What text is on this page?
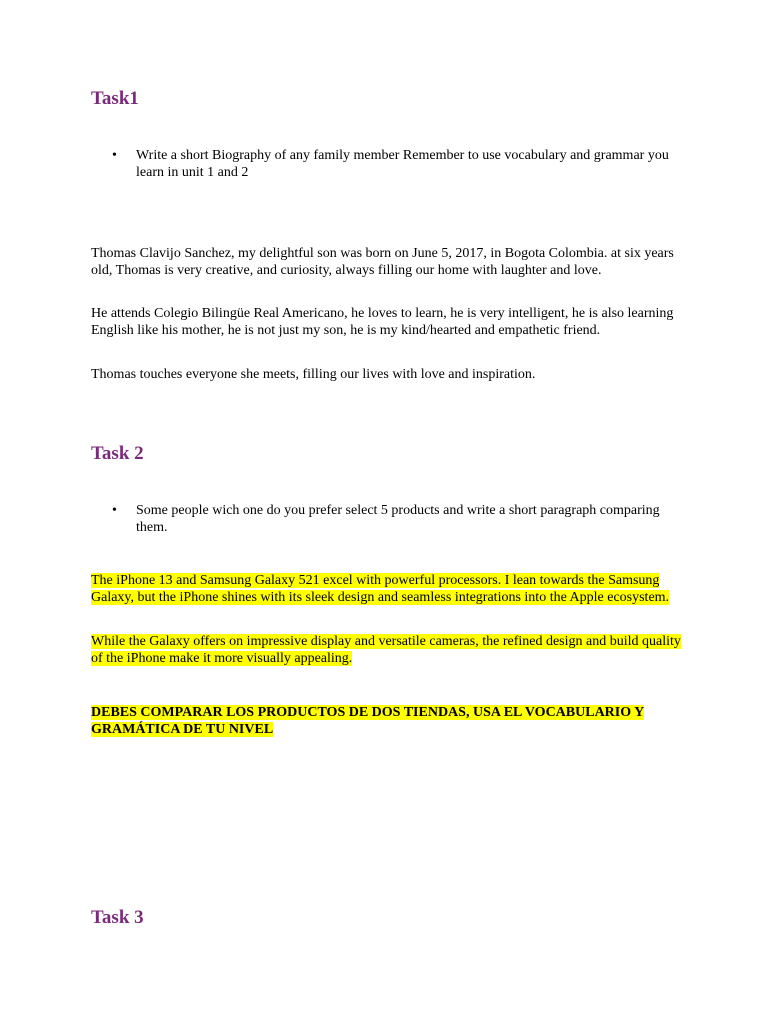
Task1
•	Write a short Biography of any family member Remember to use vocabulary and grammar you learn in unit 1 and 2

Thomas Clavijo Sanchez, my delightful son was born on June 5, 2017, in Bogota Colombia. at six years old, Thomas is very creative, and curiosity, always filling our home with laughter and love.

He attends Colegio Bilingüe Real Americano, he loves to learn, he is very intelligent, he is also learning English like his mother, he is not just my son, he is my kind/hearted and empathetic friend.

Thomas touches everyone she meets, filling our lives with love and inspiration.

Task 2
•	Some people wich one do you prefer select 5 products and write a short paragraph comparing them.

The iPhone 13 and Samsung Galaxy 521 excel with powerful processors. I lean towards the Samsung Galaxy, but the iPhone shines with its sleek design and seamless integrations into the Apple ecosystem.

While the Galaxy offers on impressive display and versatile cameras, the refined design and build quality of the iPhone make it more visually appealing.

DEBES COMPARAR LOS PRODUCTOS DE DOS TIENDAS, USA EL VOCABULARIO Y GRAMÁTICA DE TU NIVEL

Task 3
